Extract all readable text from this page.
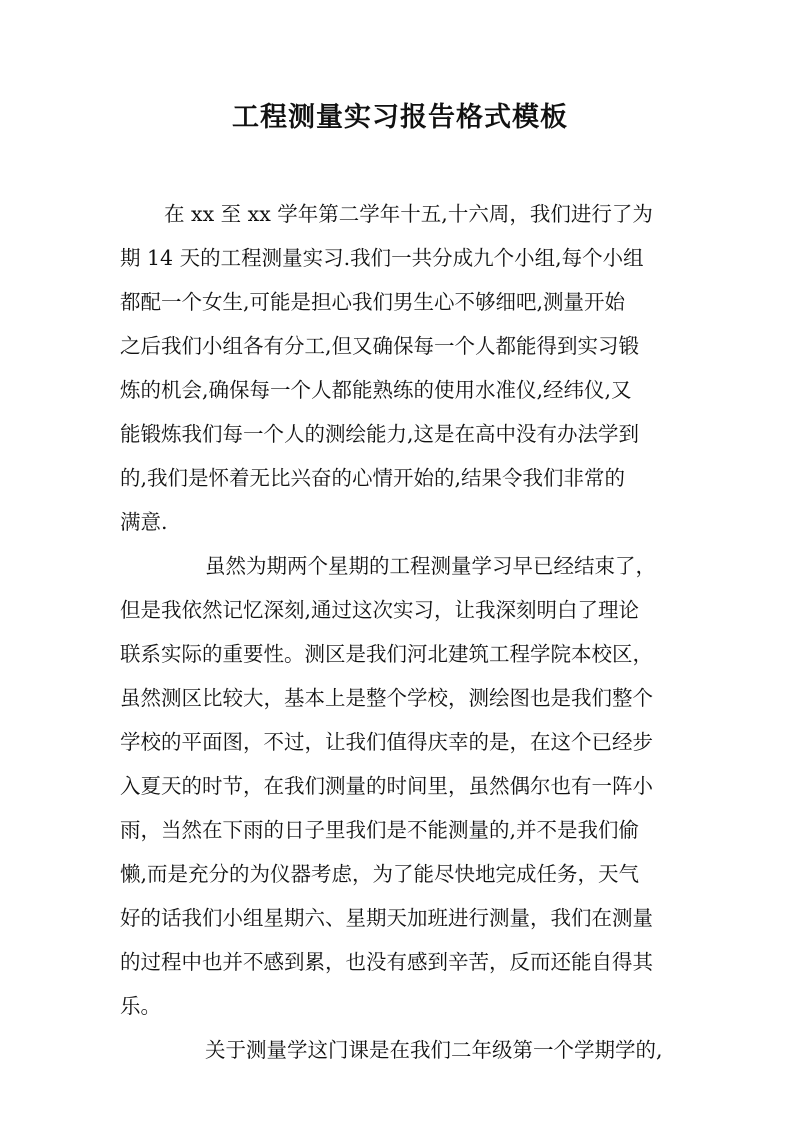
工程测量实习报告格式模板

在 xx 至 xx 学年第二学年十五,十六周，我们进行了为

期 14 天的工程测量实习.我们一共分成九个小组,每个小组

都配一个女生,可能是担心我们男生心不够细吧,测量开始

之后我们小组各有分工,但又确保每一个人都能得到实习锻

炼的机会,确保每一个人都能熟练的使用水准仪,经纬仪,又

能锻炼我们每一个人的测绘能力,这是在高中没有办法学到

的,我们是怀着无比兴奋的心情开始的,结果令我们非常的

满意.

虽然为期两个星期的工程测量学习早已经结束了，

但是我依然记忆深刻,通过这次实习，让我深刻明白了理论

联系实际的重要性。测区是我们河北建筑工程学院本校区，

虽然测区比较大，基本上是整个学校，测绘图也是我们整个

学校的平面图，不过，让我们值得庆幸的是，在这个已经步

入夏天的时节，在我们测量的时间里，虽然偶尔也有一阵小

雨，当然在下雨的日子里我们是不能测量的,并不是我们偷

懒,而是充分的为仪器考虑，为了能尽快地完成任务，天气

好的话我们小组星期六、星期天加班进行测量，我们在测量

的过程中也并不感到累，也没有感到辛苦，反而还能自得其

乐。

关于测量学这门课是在我们二年级第一个学期学的,
